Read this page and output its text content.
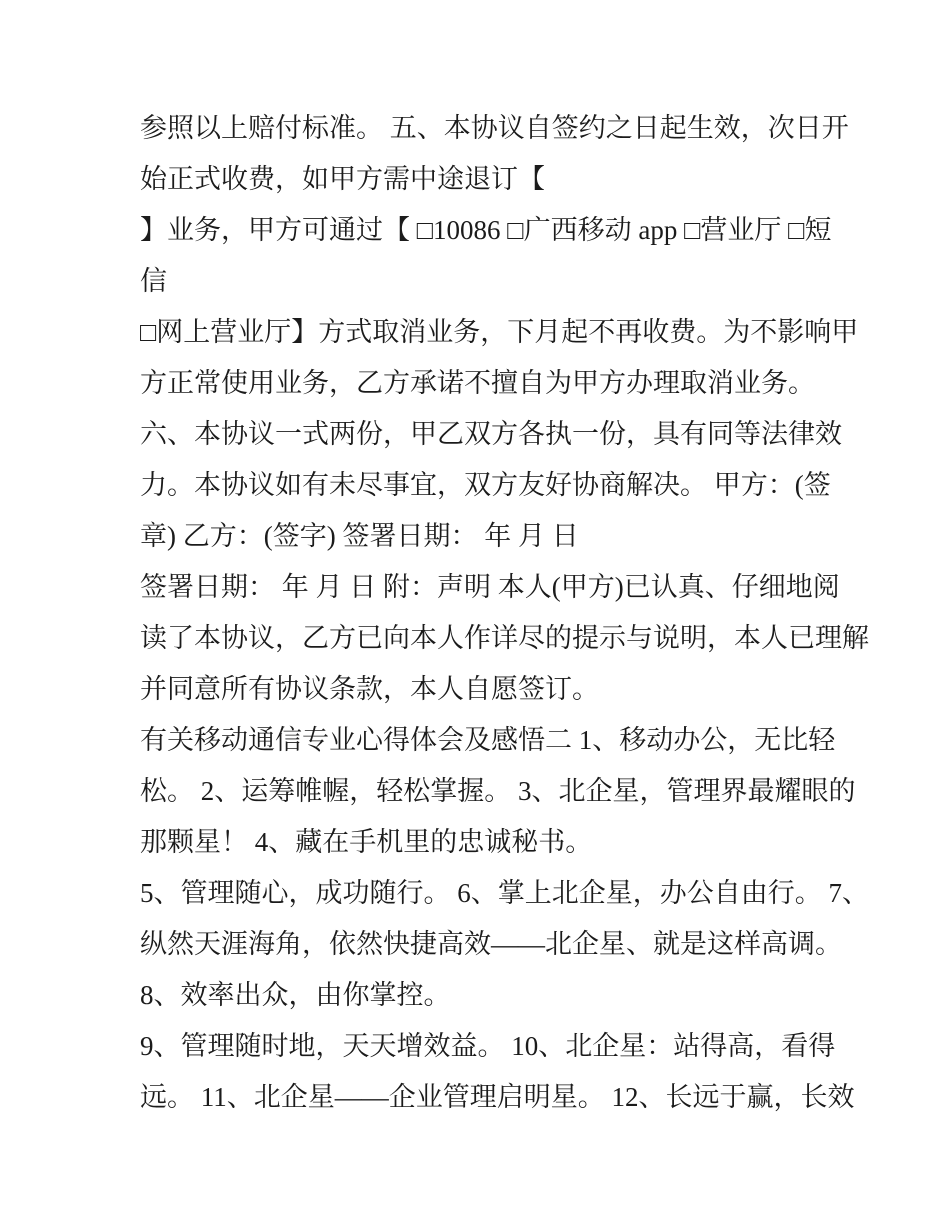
参照以上赔付标准。 五、本协议自签约之日起生效，次日开
始正式收费，如甲方需中途退订【
】业务，甲方可通过【 □10086 □广西移动 app □营业厅 □短
信
□网上营业厅】方式取消业务，下月起不再收费。为不影响甲
方正常使用业务，乙方承诺不擅自为甲方办理取消业务。
六、本协议一式两份，甲乙双方各执一份，具有同等法律效
力。本协议如有未尽事宜，双方友好协商解决。 甲方：(签
章) 乙方：(签字) 签署日期： 年 月 日
签署日期： 年 月 日 附：声明 本人(甲方)已认真、仔细地阅
读了本协议，乙方已向本人作详尽的提示与说明，本人已理解
并同意所有协议条款，本人自愿签订。
有关移动通信专业心得体会及感悟二 1、移动办公，无比轻
松。 2、运筹帷幄，轻松掌握。 3、北企星，管理界最耀眼的
那颗星！ 4、藏在手机里的忠诚秘书。
5、管理随心，成功随行。 6、掌上北企星，办公自由行。 7、
纵然天涯海角，依然快捷高效——北企星、就是这样高调。
8、效率出众，由你掌控。
9、管理随时地，天天增效益。 10、北企星：站得高，看得
远。 11、北企星——企业管理启明星。 12、长远于赢，长效
